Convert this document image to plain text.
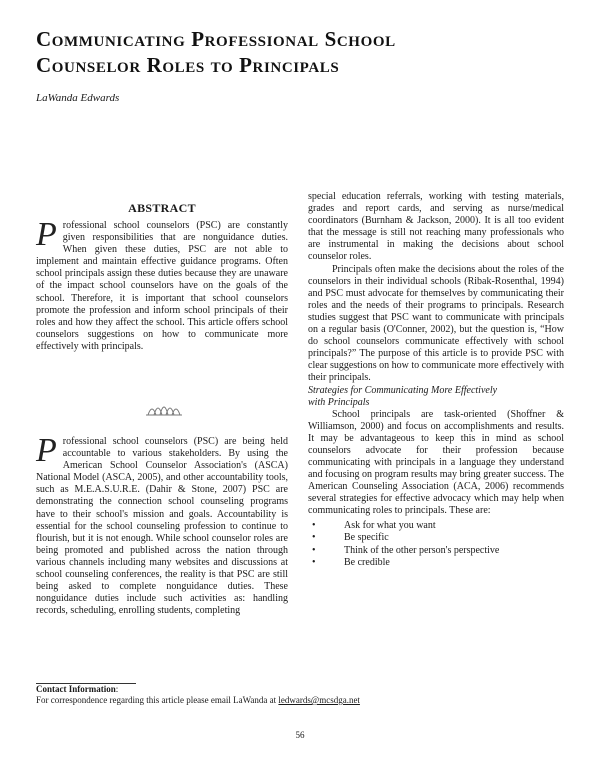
Communicating Professional School
Counselor Roles to Principals
LaWanda Edwards
ABSTRACT

Professional school counselors (PSC) are constantly given responsibilities that are nonguidance duties. When given these duties, PSC are not able to implement and maintain effective guidance programs. Often school principals assign these duties because they are unaware of the impact school counselors have on the goals of the school. Therefore, it is important that school counselors promote the profession and inform school principals of their roles and how they affect the school. This article offers school counselors suggestions on how to communicate more effectively with principals.

Professional school counselors (PSC) are being held accountable to various stakeholders. By using the American School Counselor Association's (ASCA) National Model (ASCA, 2005), and other accountability tools, such as M.E.A.S.U.R.E. (Dahir & Stone, 2007) PSC are demonstrating the connection school counseling programs have to their school's mission and goals. Accountability is essential for the school counseling profession to continue to flourish, but it is not enough. While school counselor roles are being promoted and published across the nation through various channels including many websites and discussions at school counseling conferences, the reality is that PSC are still being asked to complete nonguidance duties. These nonguidance duties include such activities as: handling records, scheduling, enrolling students, completing

special education referrals, working with testing materials, grades and report cards, and serving as nurse/medical coordinators (Burnham & Jackson, 2000). It is all too evident that the message is still not reaching many professionals who are instrumental in making the decisions about school counselor roles.

Principals often make the decisions about the roles of the counselors in their individual schools (Ribak-Rosenthal, 1994) and PSC must advocate for themselves by communicating their roles and the needs of their programs to principals. Research studies suggest that PSC want to communicate with principals on a regular basis (O'Conner, 2002), but the question is, “How do school counselors communicate effectively with school principals?” The purpose of this article is to provide PSC with clear suggestions on how to communicate more effectively with their principals.

Strategies for Communicating More Effectively
with Principals

School principals are task-oriented (Shoffner & Williamson, 2000) and focus on accomplishments and results. It may be advantageous to keep this in mind as school counselors advocate for their profession because communicating with principals in a language they understand and focusing on program results may bring greater success. The American Counseling Association (ACA, 2006) recommends several strategies for effective advocacy which may help when communicating roles to principals. These are:

•	Ask for what you want
•	Be specific
•	Think of the other person's perspective
•	Be credible
Contact Information:
For correspondence regarding this article please email LaWanda at ledwards@mcsdga.net
56
